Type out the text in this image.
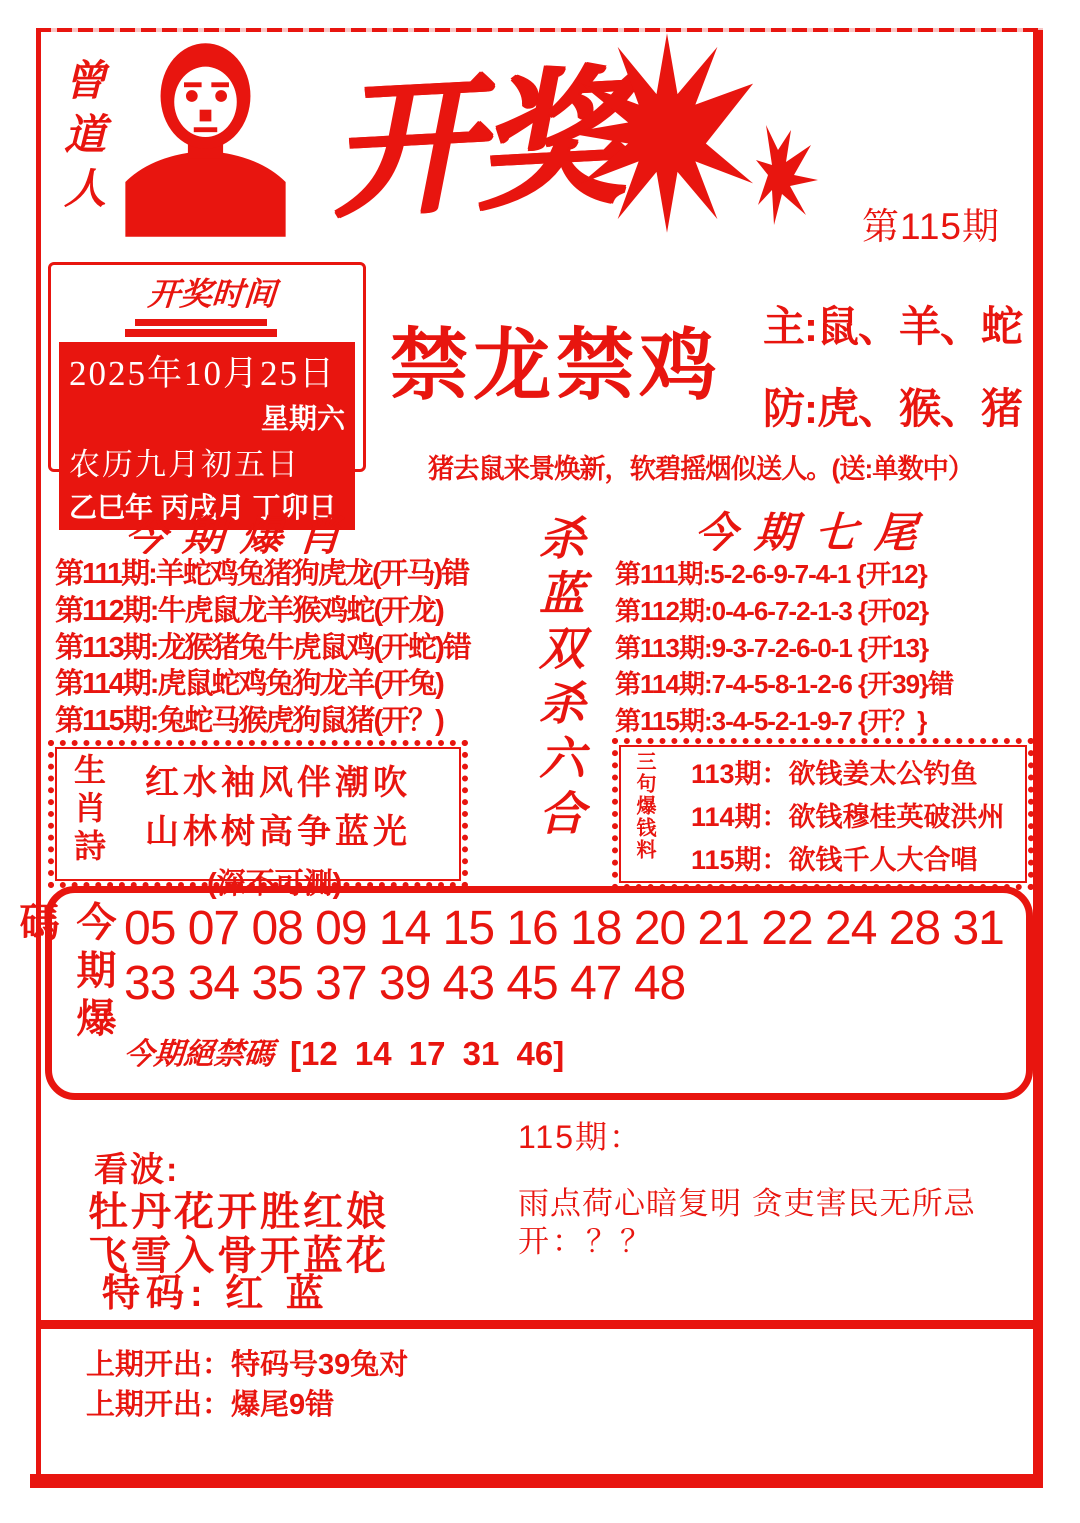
曾道人 开奖	第115期
开奖时间
2025年10月25日
星期六
农历九月初五日
乙巳年 丙戌月 丁卯日
禁龙禁鸡 主:鼠、羊、蛇
防:虎、猴、猪
猪去鼠来景焕新，软碧摇烟似送人。(送:单数中）
今期爆肖
第111期:羊蛇鸡兔猪狗虎龙(开马)错
第112期:牛虎鼠龙羊猴鸡蛇(开龙)
第113期:龙猴猪兔牛虎鼠鸡(开蛇)错
第114期:虎鼠蛇鸡兔狗龙羊(开兔)
第115期:兔蛇马猴虎狗鼠猪(开？)	杀蓝双杀六合	今期七尾
第111期:5-2-6-9-7-4-1 {开12}
第112期:0-4-6-7-2-1-3 {开02}
第113期:9-3-7-2-6-0-1 {开13}
第114期:7-4-5-8-1-2-6 {开39}错
第115期:3-4-5-2-1-9-7 {开？}
生肖詩 红水袖风伴潮吹
山林树高争蓝光
(深不可测)
三句爆钱料 113期：欲钱姜太公钓鱼
114期：欲钱穆桂英破洪州
115期：欲钱千人大合唱
今期爆碼	05 07 08 09 14 15 16 18 20 21 22 24 28 31
33 34 35 37 39 43 45 47 48
今期絕禁碼 [12 14 17 31 46]
看波:
牡丹花开胜红娘
飞雪入骨开蓝花
特码: 红 蓝
115期：
雨点荷心暗复明 贪吏害民无所忌
开：？？
上期开出：特码号39兔对
上期开出：爆尾9错
